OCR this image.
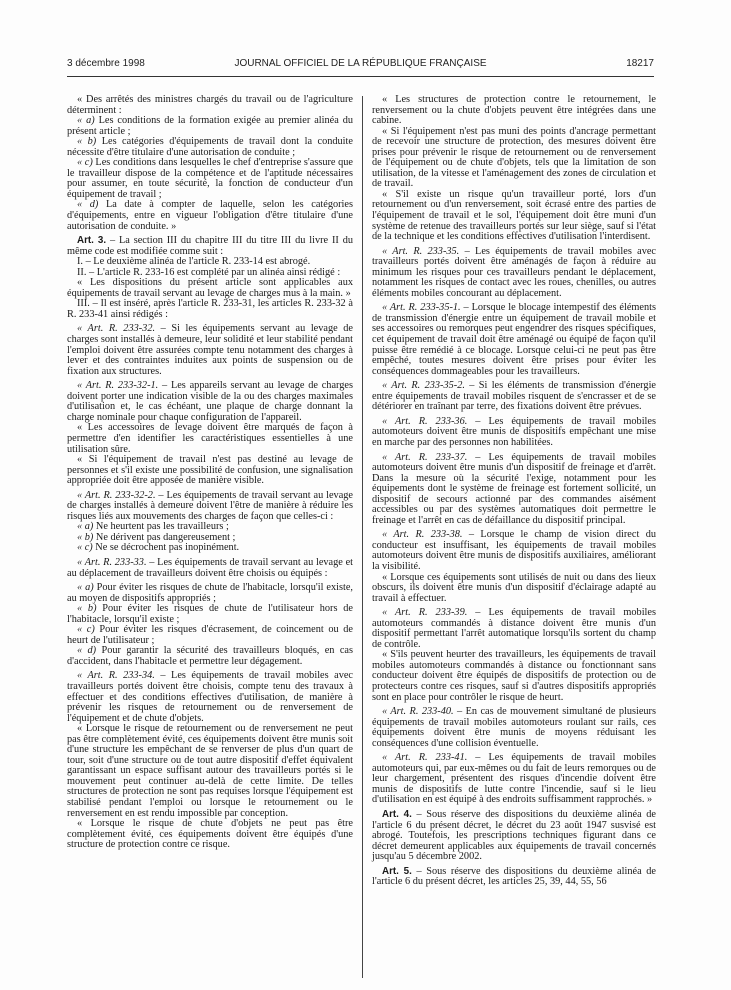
3 décembre 1998	JOURNAL OFFICIEL DE LA RÉPUBLIQUE FRANÇAISE	18217

« Des arrêtés des ministres chargés du travail ou de l'agriculture déterminent :

« a) Les conditions de la formation exigée au premier alinéa du présent article ;

« b) Les catégories d'équipements de travail dont la conduite nécessite d'être titulaire d'une autorisation de conduite ;

« c) Les conditions dans lesquelles le chef d'entreprise s'assure que le travailleur dispose de la compétence et de l'aptitude nécessaires pour assumer, en toute sécurité, la fonction de conducteur d'un équipement de travail ;

« d) La date à compter de laquelle, selon les catégories d'équipements, entre en vigueur l'obligation d'être titulaire d'une autorisation de conduite. »

Art. 3. – La section III du chapitre III du titre III du livre II du même code est modifiée comme suit :

I. – Le deuxième alinéa de l'article R. 233-14 est abrogé.

II. – L'article R. 233-16 est complété par un alinéa ainsi rédigé :

« Les dispositions du présent article sont applicables aux équipements de travail servant au levage de charges mus à la main. »

III. – Il est inséré, après l'article R. 233-31, les articles R. 233-32 à R. 233-41 ainsi rédigés :

« Art. R. 233-32. – Si les équipements servant au levage de charges sont installés à demeure, leur solidité et leur stabilité pendant l'emploi doivent être assurées compte tenu notamment des charges à lever et des contraintes induites aux points de suspension ou de fixation aux structures.

« Art. R. 233-32-1. – Les appareils servant au levage de charges doivent porter une indication visible de la ou des charges maximales d'utilisation et, le cas échéant, une plaque de charge donnant la charge nominale pour chaque configuration de l'appareil.

« Les accessoires de levage doivent être marqués de façon à permettre d'en identifier les caractéristiques essentielles à une utilisation sûre.

« Si l'équipement de travail n'est pas destiné au levage de personnes et s'il existe une possibilité de confusion, une signalisation appropriée doit être apposée de manière visible.

« Art. R. 233-32-2. – Les équipements de travail servant au levage de charges installés à demeure doivent l'être de manière à réduire les risques liés aux mouvements des charges de façon que celles-ci :

« a) Ne heurtent pas les travailleurs ;

« b) Ne dérivent pas dangereusement ;

« c) Ne se décrochent pas inopinément.

« Art. R. 233-33. – Les équipements de travail servant au levage et au déplacement de travailleurs doivent être choisis ou équipés :

« a) Pour éviter les risques de chute de l'habitacle, lorsqu'il existe, au moyen de dispositifs appropriés ;

« b) Pour éviter les risques de chute de l'utilisateur hors de l'habitacle, lorsqu'il existe ;

« c) Pour éviter les risques d'écrasement, de coincement ou de heurt de l'utilisateur ;

« d) Pour garantir la sécurité des travailleurs bloqués, en cas d'accident, dans l'habitacle et permettre leur dégagement.

« Art. R. 233-34. – Les équipements de travail mobiles avec travailleurs portés doivent être choisis, compte tenu des travaux à effectuer et des conditions effectives d'utilisation, de manière à prévenir les risques de retournement ou de renversement de l'équipement et de chute d'objets.

« Lorsque le risque de retournement ou de renversement ne peut pas être complètement évité, ces équipements doivent être munis soit d'une structure les empêchant de se renverser de plus d'un quart de tour, soit d'une structure ou de tout autre dispositif d'effet équivalent garantissant un espace suffisant autour des travailleurs portés si le mouvement peut continuer au-delà de cette limite. De telles structures de protection ne sont pas requises lorsque l'équipement est stabilisé pendant l'emploi ou lorsque le retournement ou le renversement en est rendu impossible par conception.

« Lorsque le risque de chute d'objets ne peut pas être complètement évité, ces équipements doivent être équipés d'une structure de protection contre ce risque.

« Les structures de protection contre le retournement, le renversement ou la chute d'objets peuvent être intégrées dans une cabine.

« Si l'équipement n'est pas muni des points d'ancrage permettant de recevoir une structure de protection, des mesures doivent être prises pour prévenir le risque de retournement ou de renversement de l'équipement ou de chute d'objets, tels que la limitation de son utilisation, de la vitesse et l'aménagement des zones de circulation et de travail.

« S'il existe un risque qu'un travailleur porté, lors d'un retournement ou d'un renversement, soit écrasé entre des parties de l'équipement de travail et le sol, l'équipement doit être muni d'un système de retenue des travailleurs portés sur leur siège, sauf si l'état de la technique et les conditions effectives d'utilisation l'interdisent.

« Art. R. 233-35. – Les équipements de travail mobiles avec travailleurs portés doivent être aménagés de façon à réduire au minimum les risques pour ces travailleurs pendant le déplacement, notamment les risques de contact avec les roues, chenilles, ou autres éléments mobiles concourant au déplacement.

« Art. R. 233-35-1. – Lorsque le blocage intempestif des éléments de transmission d'énergie entre un équipement de travail mobile et ses accessoires ou remorques peut engendrer des risques spécifiques, cet équipement de travail doit être aménagé ou équipé de façon qu'il puisse être remédié à ce blocage. Lorsque celui-ci ne peut pas être empêché, toutes mesures doivent être prises pour éviter les conséquences dommageables pour les travailleurs.

« Art. R. 233-35-2. – Si les éléments de transmission d'énergie entre équipements de travail mobiles risquent de s'encrasser et de se détériorer en traînant par terre, des fixations doivent être prévues.

« Art. R. 233-36. – Les équipements de travail mobiles automoteurs doivent être munis de dispositifs empêchant une mise en marche par des personnes non habilitées.

« Art. R. 233-37. – Les équipements de travail mobiles automoteurs doivent être munis d'un dispositif de freinage et d'arrêt. Dans la mesure où la sécurité l'exige, notamment pour les équipements dont le système de freinage est fortement sollicité, un dispositif de secours actionné par des commandes aisément accessibles ou par des systèmes automatiques doit permettre le freinage et l'arrêt en cas de défaillance du dispositif principal.

« Art. R. 233-38. – Lorsque le champ de vision direct du conducteur est insuffisant, les équipements de travail mobiles automoteurs doivent être munis de dispositifs auxiliaires, améliorant la visibilité.

« Lorsque ces équipements sont utilisés de nuit ou dans des lieux obscurs, ils doivent être munis d'un dispositif d'éclairage adapté au travail à effectuer.

« Art. R. 233-39. – Les équipements de travail mobiles automoteurs commandés à distance doivent être munis d'un dispositif permettant l'arrêt automatique lorsqu'ils sortent du champ de contrôle.

« S'ils peuvent heurter des travailleurs, les équipements de travail mobiles automoteurs commandés à distance ou fonctionnant sans conducteur doivent être équipés de dispositifs de protection ou de protecteurs contre ces risques, sauf si d'autres dispositifs appropriés sont en place pour contrôler le risque de heurt.

« Art. R. 233-40. – En cas de mouvement simultané de plusieurs équipements de travail mobiles automoteurs roulant sur rails, ces équipements doivent être munis de moyens réduisant les conséquences d'une collision éventuelle.

« Art. R. 233-41. – Les équipements de travail mobiles automoteurs qui, par eux-mêmes ou du fait de leurs remorques ou de leur chargement, présentent des risques d'incendie doivent être munis de dispositifs de lutte contre l'incendie, sauf si le lieu d'utilisation en est équipé à des endroits suffisamment rapprochés. »

Art. 4. – Sous réserve des dispositions du deuxième alinéa de l'article 6 du présent décret, le décret du 23 août 1947 susvisé est abrogé. Toutefois, les prescriptions techniques figurant dans ce décret demeurent applicables aux équipements de travail concernés jusqu'au 5 décembre 2002.

Art. 5. – Sous réserve des dispositions du deuxième alinéa de l'article 6 du présent décret, les articles 25, 39, 44, 55, 56
